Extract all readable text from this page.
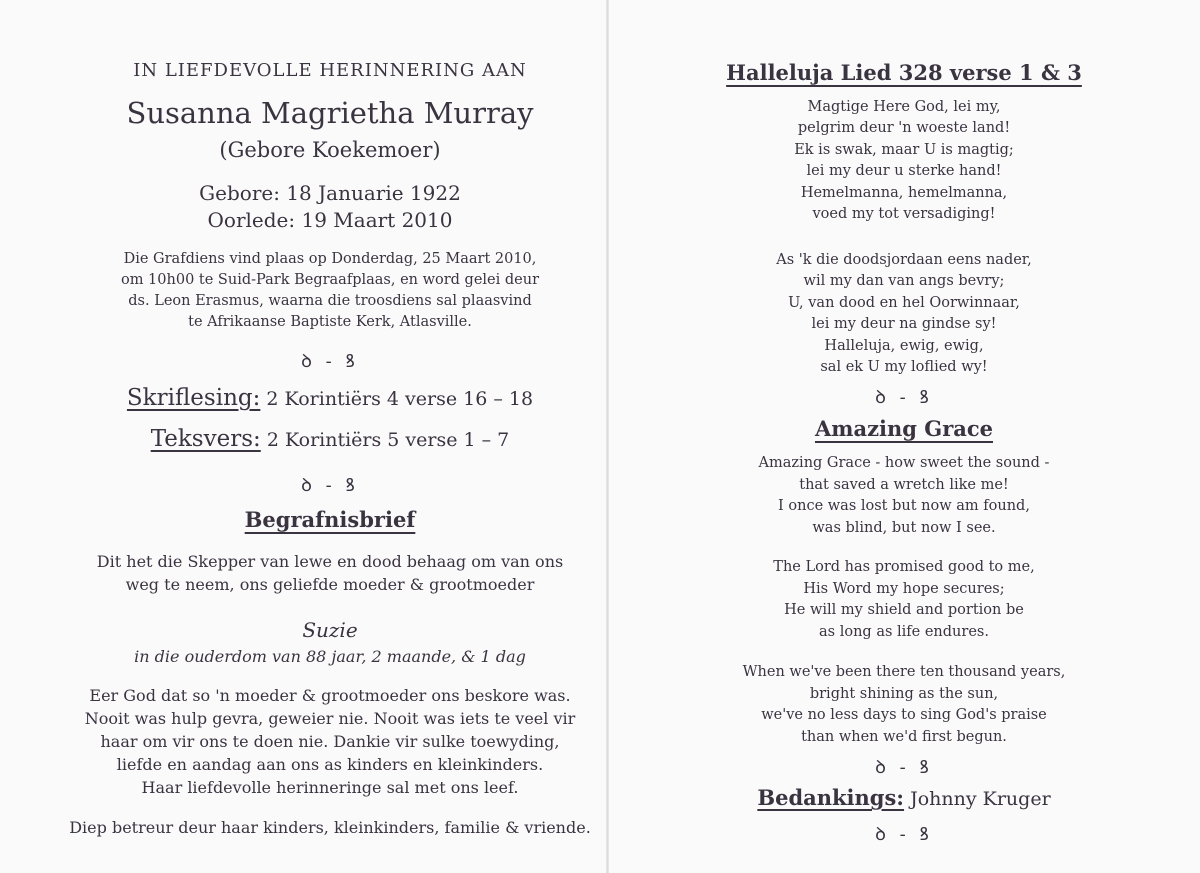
IN LIEFDEVOLLE HERINNERING AAN
Susanna Magrietha Murray
(Gebore Koekemoer)
Gebore: 18 Januarie 1922
Oorlede: 19 Maart 2010
Die Grafdiens vind plaas op Donderdag, 25 Maart 2010,
om 10h00 te Suid-Park Begraafplaas, en word gelei deur
ds. Leon Erasmus, waarna die troosdiens sal plaasvind
te Afrikaanse Baptiste Kerk, Atlasville.
ꝺ - ꝸ
Skriflesing: 2 Korintiërs 4 verse 16 – 18
Teksvers: 2 Korintiërs 5 verse 1 – 7
ꝺ - ꝸ
Begrafnisbrief
Dit het die Skepper van lewe en dood behaag om van ons
weg te neem, ons geliefde moeder & grootmoeder
Suzie
in die ouderdom van 88 jaar, 2 maande, & 1 dag
Eer God dat so 'n moeder & grootmoeder ons beskore was.
Nooit was hulp gevra, geweier nie. Nooit was iets te veel vir
haar om vir ons te doen nie. Dankie vir sulke toewyding,
liefde en aandag aan ons as kinders en kleinkinders.
Haar liefdevolle herinneringe sal met ons leef.
Diep betreur deur haar kinders, kleinkinders, familie & vriende.
Halleluja Lied 328 verse 1 & 3
Magtige Here God, lei my,
pelgrim deur 'n woeste land!
Ek is swak, maar U is magtig;
lei my deur u sterke hand!
Hemelmanna, hemelmanna,
voed my tot versadiging!
As 'k die doodsjordaan eens nader,
wil my dan van angs bevry;
U, van dood en hel Oorwinnaar,
lei my deur na gindse sy!
Halleluja, ewig, ewig,
sal ek U my loflied wy!
ꝺ - ꝸ
Amazing Grace
Amazing Grace - how sweet the sound -
that saved a wretch like me!
I once was lost but now am found,
was blind, but now I see.
The Lord has promised good to me,
His Word my hope secures;
He will my shield and portion be
as long as life endures.
When we've been there ten thousand years,
bright shining as the sun,
we've no less days to sing God's praise
than when we'd first begun.
ꝺ - ꝸ
Bedankings: Johnny Kruger
ꝺ - ꝸ
